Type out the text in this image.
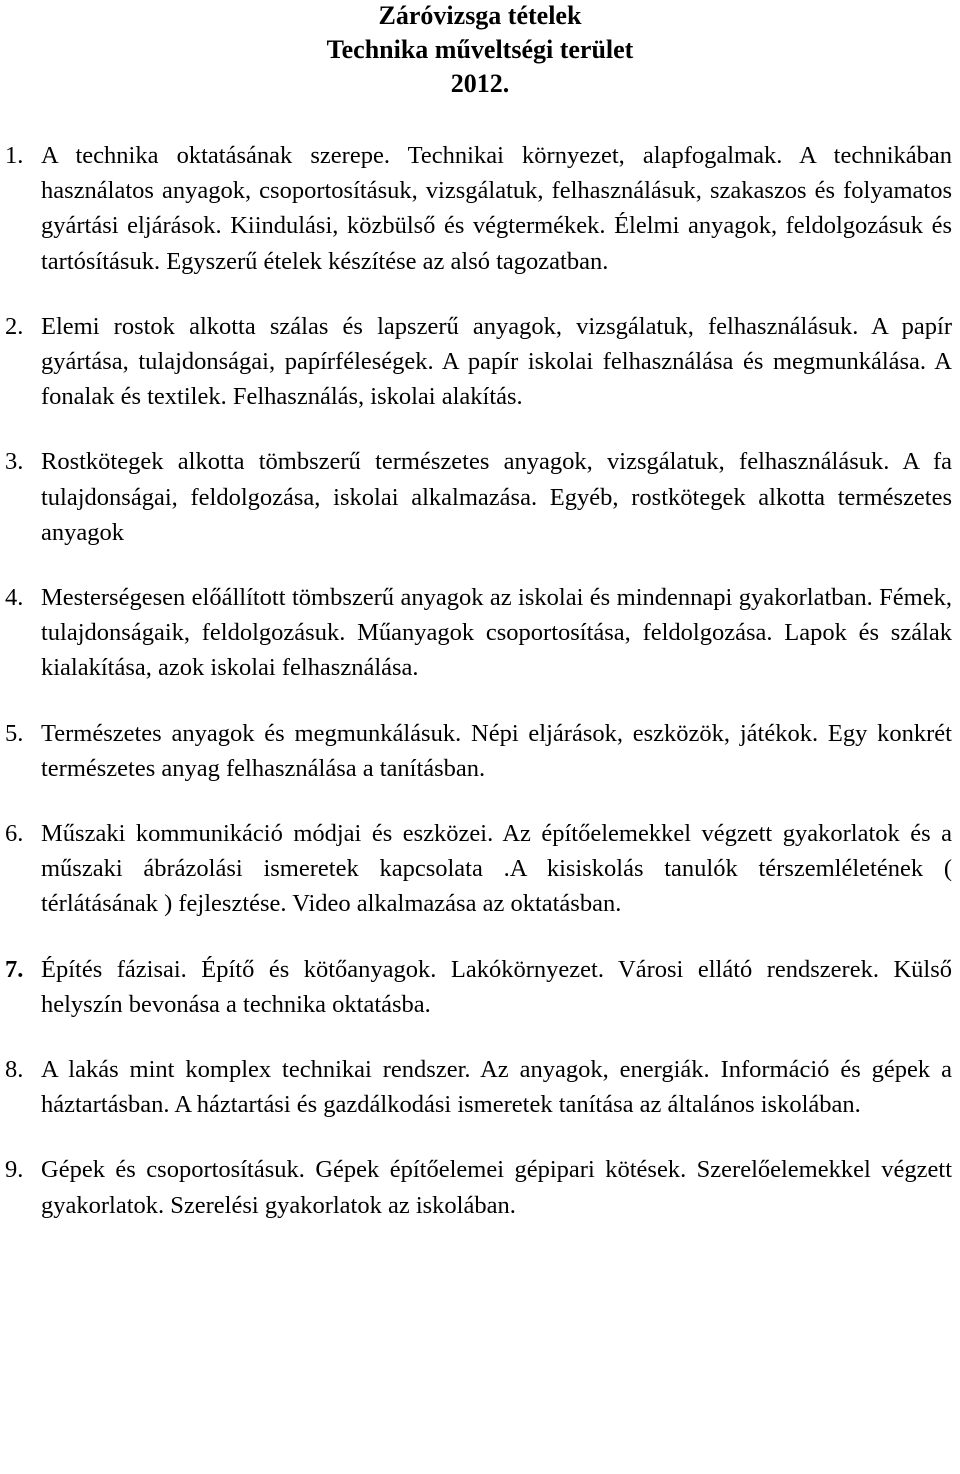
Záróvizsga tételek
Technika műveltségi terület
2012.
1. A technika oktatásának szerepe. Technikai környezet, alapfogalmak. A technikában használatos anyagok, csoportosításuk, vizsgálatuk, felhasználásuk, szakaszos és folyamatos gyártási eljárások. Kiindulási, közbülső és végtermékek. Élelmi anyagok, feldolgozásuk és tartósításuk. Egyszerű ételek készítése az alsó tagozatban.
2. Elemi rostok alkotta szálas és lapszerű anyagok, vizsgálatuk, felhasználásuk. A papír gyártása, tulajdonságai, papírféleségek. A papír iskolai felhasználása és megmunkálása. A fonalak és textilek. Felhasználás, iskolai alakítás.
3. Rostkötegek alkotta tömbszerű természetes anyagok, vizsgálatuk, felhasználásuk. A fa tulajdonságai, feldolgozása, iskolai alkalmazása. Egyéb, rostkötegek alkotta természetes anyagok
4. Mesterségesen előállított tömbszerű anyagok az iskolai és mindennapi gyakorlatban. Fémek, tulajdonságaik, feldolgozásuk. Műanyagok csoportosítása, feldolgozása. Lapok és szálak kialakítása, azok iskolai felhasználása.
5. Természetes anyagok és megmunkálásuk. Népi eljárások, eszközök, játékok. Egy konkrét természetes anyag felhasználása a tanításban.
6. Műszaki kommunikáció módjai és eszközei. Az építőelemekkel végzett gyakorlatok és a műszaki ábrázolási ismeretek kapcsolata .A kisiskolás tanulók térszemléletének ( térlátásának ) fejlesztése. Video alkalmazása az oktatásban.
7. Építés fázisai. Építő és kötőanyagok. Lakókörnyezet. Városi ellátó rendszerek. Külső helyszín bevonása a technika oktatásba.
8. A lakás mint komplex technikai rendszer. Az anyagok, energiák. Információ és gépek a háztartásban. A háztartási és gazdálkodási ismeretek tanítása az általános iskolában.
9. Gépek és csoportosításuk. Gépek építőelemei gépipari kötések. Szerelőelemekkel végzett gyakorlatok. Szerelési gyakorlatok az iskolában.
